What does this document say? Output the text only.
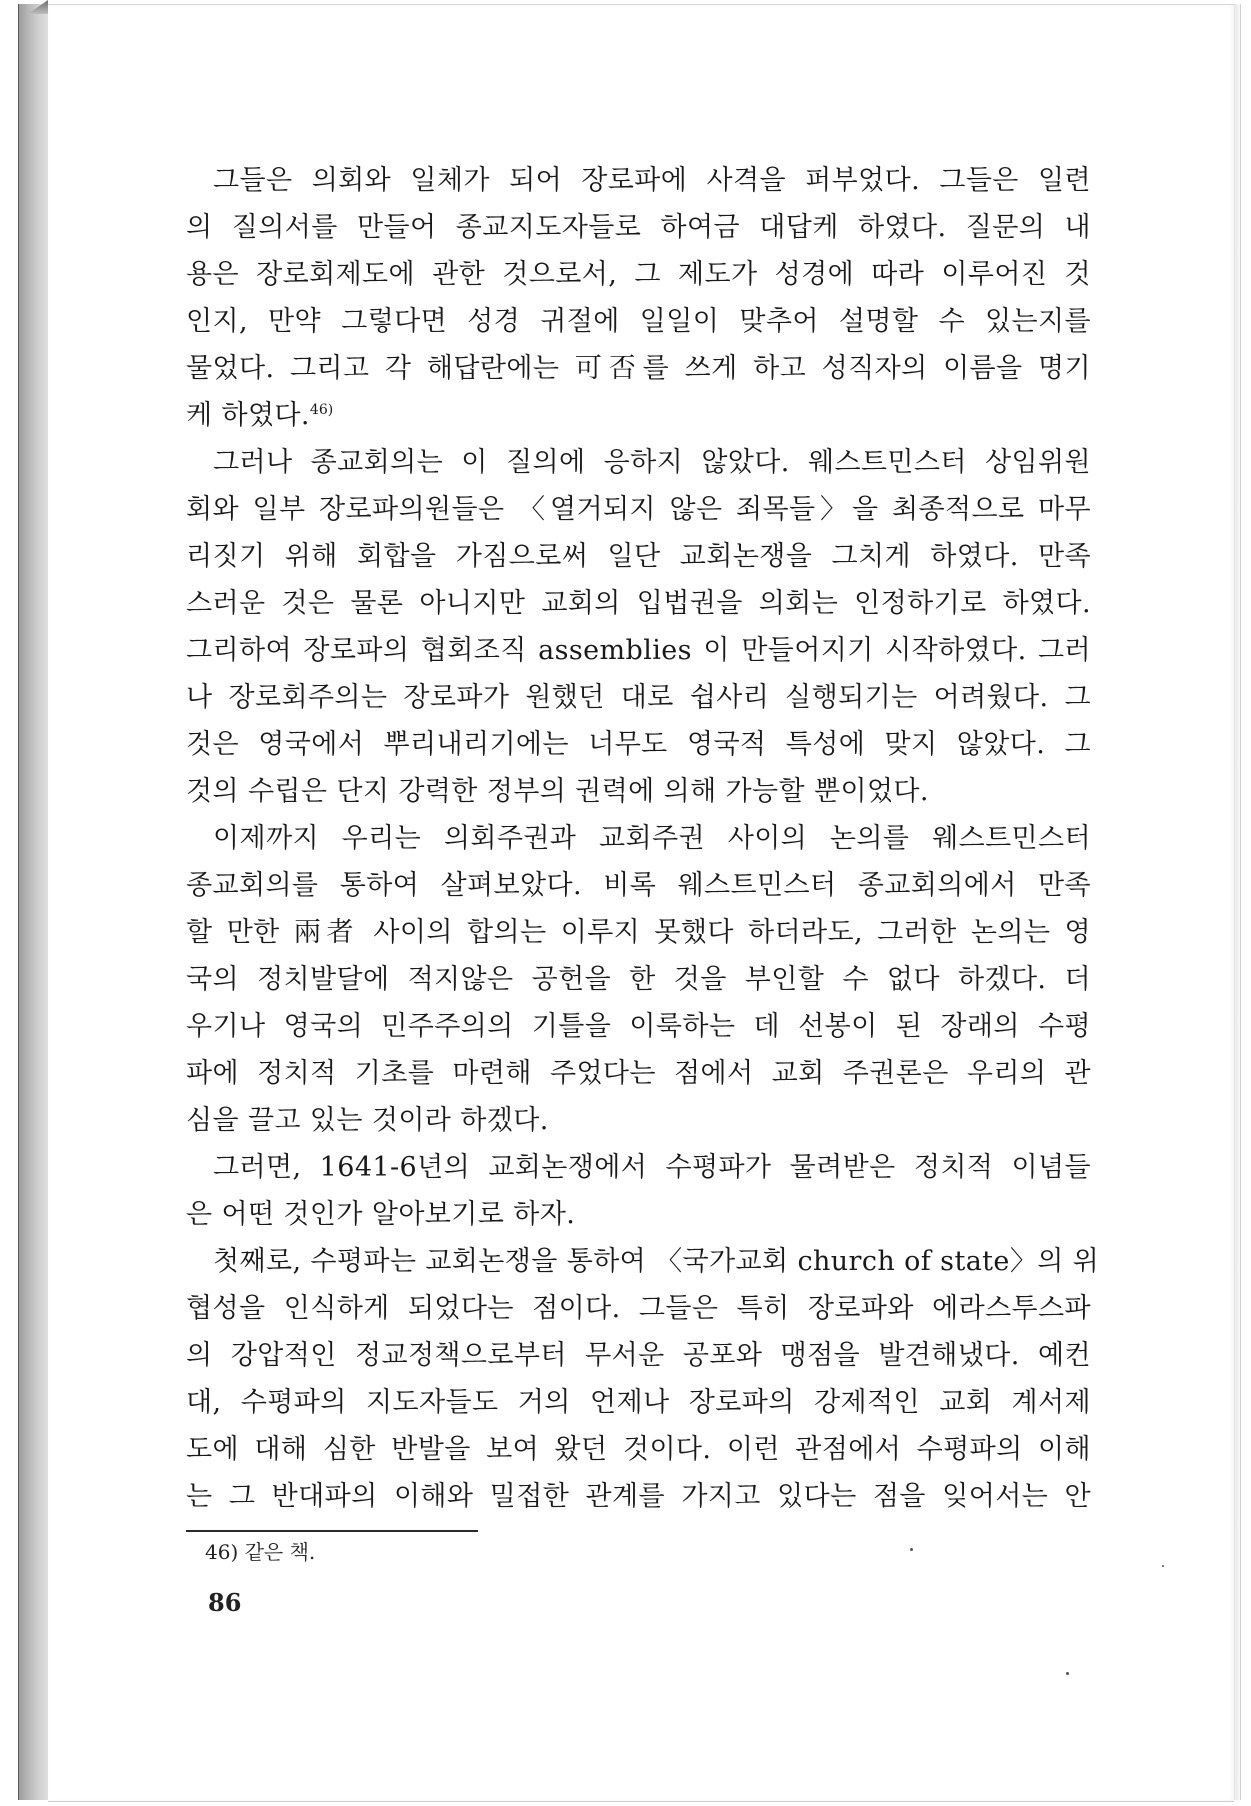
그들은 의회와 일체가 되어 장로파에 사격을 퍼부었다. 그들은 일련
의 질의서를 만들어 종교지도자들로 하여금 대답케 하였다. 질문의 내
용은 장로회제도에 관한 것으로서, 그 제도가 성경에 따라 이루어진 것
인지, 만약 그렇다면 성경 귀절에 일일이 맞추어 설명할 수 있는지를
물었다. 그리고 각 해답란에는 可否를 쓰게 하고 성직자의 이름을 명기
케 하였다.$^{46)}$
그러나 종교회의는 이 질의에 응하지 않았다. 웨스트민스터 상임위원
회와 일부 장로파의원들은 〈열거되지 않은 죄목들〉을 최종적으로 마무
리짓기 위해 회합을 가짐으로써 일단 교회논쟁을 그치게 하였다. 만족
스러운 것은 물론 아니지만 교회의 입법권을 의회는 인정하기로 하였다.
그리하여 장로파의 협회조직 assemblies 이 만들어지기 시작하였다. 그러
나 장로회주의는 장로파가 원했던 대로 쉽사리 실행되기는 어려웠다. 그
것은 영국에서 뿌리내리기에는 너무도 영국적 특성에 맞지 않았다. 그
것의 수립은 단지 강력한 정부의 권력에 의해 가능할 뿐이었다.
이제까지 우리는 의회주권과 교회주권 사이의 논의를 웨스트민스터
종교회의를 통하여 살펴보았다. 비록 웨스트민스터 종교회의에서 만족
할 만한 兩者 사이의 합의는 이루지 못했다 하더라도, 그러한 논의는 영
국의 정치발달에 적지않은 공헌을 한 것을 부인할 수 없다 하겠다. 더
우기나 영국의 민주주의의 기틀을 이룩하는 데 선봉이 된 장래의 수평
파에 정치적 기초를 마련해 주었다는 점에서 교회 주권론은 우리의 관
심을 끌고 있는 것이라 하겠다.
그러면, 1641-6년의 교회논쟁에서 수평파가 물려받은 정치적 이념들
은 어떤 것인가 알아보기로 하자.
첫째로, 수평파는 교회논쟁을 통하여 〈국가교회 church of state〉의 위
협성을 인식하게 되었다는 점이다. 그들은 특히 장로파와 에라스투스파
의 강압적인 정교정책으로부터 무서운 공포와 맹점을 발견해냈다. 예컨
대, 수평파의 지도자들도 거의 언제나 장로파의 강제적인 교회 계서제
도에 대해 심한 반발을 보여 왔던 것이다. 이런 관점에서 수평파의 이해
는 그 반대파의 이해와 밀접한 관계를 가지고 있다는 점을 잊어서는 안
46) 같은 책.
86
